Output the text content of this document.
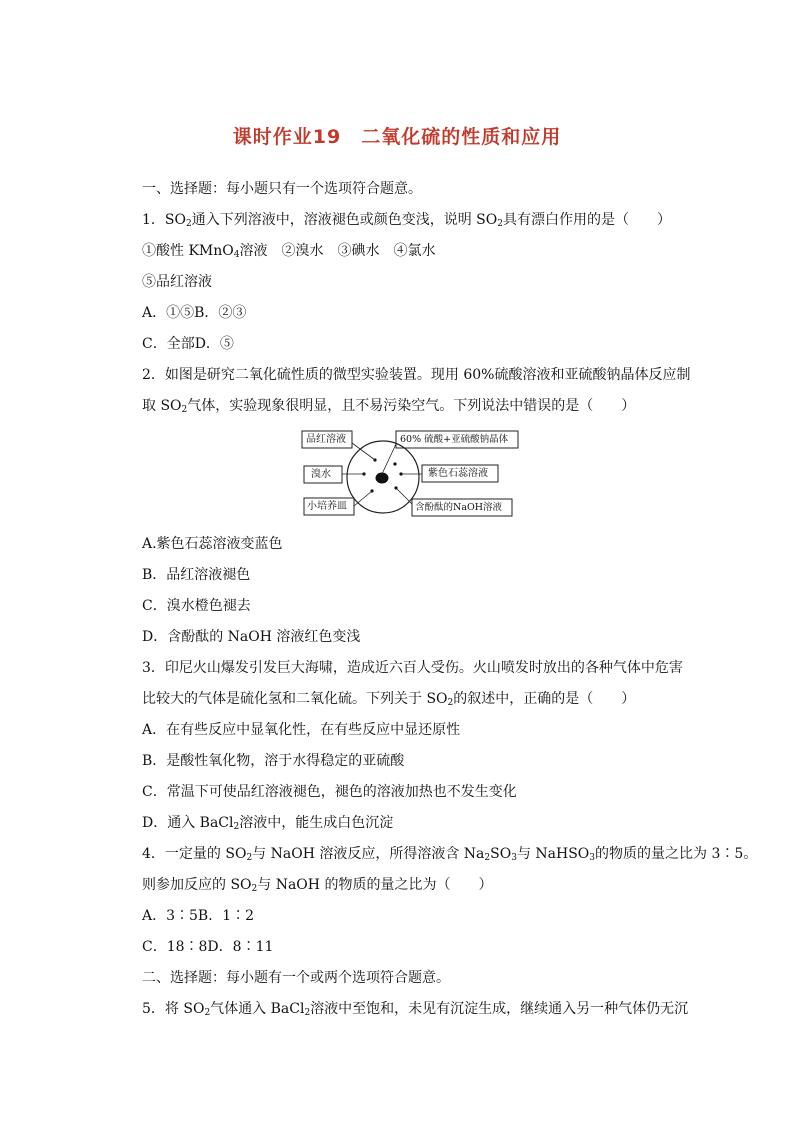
课时作业19　二氧化硫的性质和应用
一、选择题：每小题只有一个选项符合题意。
1．$SO_2$通入下列溶液中，溶液褪色或颜色变浅，说明 $SO_2$具有漂白作用的是（　　）
①酸性 KMnO$_4$溶液　②溴水　③碘水　④氯水
⑤品红溶液
A．①⑤B．②③
C．全部D．⑤
2．如图是研究二氧化硫性质的微型实验装置。现用 60%硫酸溶液和亚硫酸钠晶体反应制
取 $SO_2$气体，实验现象很明显，且不易污染空气。下列说法中错误的是（　　）
品红溶液	60% 硫酸+亚硫酸钠晶体
溴水	紫色石蕊溶液
小培养皿	含酚酞的NaOH溶液
A.紫色石蕊溶液变蓝色
B．品红溶液褪色
C．溴水橙色褪去
D．含酚酞的 NaOH 溶液红色变浅
3．印尼火山爆发引发巨大海啸，造成近六百人受伤。火山喷发时放出的各种气体中危害
比较大的气体是硫化氢和二氧化硫。下列关于 $SO_2$的叙述中，正确的是（　　）
A．在有些反应中显氧化性，在有些反应中显还原性
B．是酸性氧化物，溶于水得稳定的亚硫酸
C．常温下可使品红溶液褪色，褪色的溶液加热也不发生变化
D．通入 BaCl$_2$溶液中，能生成白色沉淀
4．一定量的 $SO_2$与 NaOH 溶液反应，所得溶液含 $Na_2SO_3$与 NaHSO$_3$的物质的量之比为 3∶5。
则参加反应的 $SO_2$与 NaOH 的物质的量之比为（　　）
A．3∶5B．1∶2
C．18∶8D．8∶11
二、选择题：每小题有一个或两个选项符合题意。
5．将 $SO_2$气体通入 BaCl$_2$溶液中至饱和，未见有沉淀生成，继续通入另一种气体仍无沉
